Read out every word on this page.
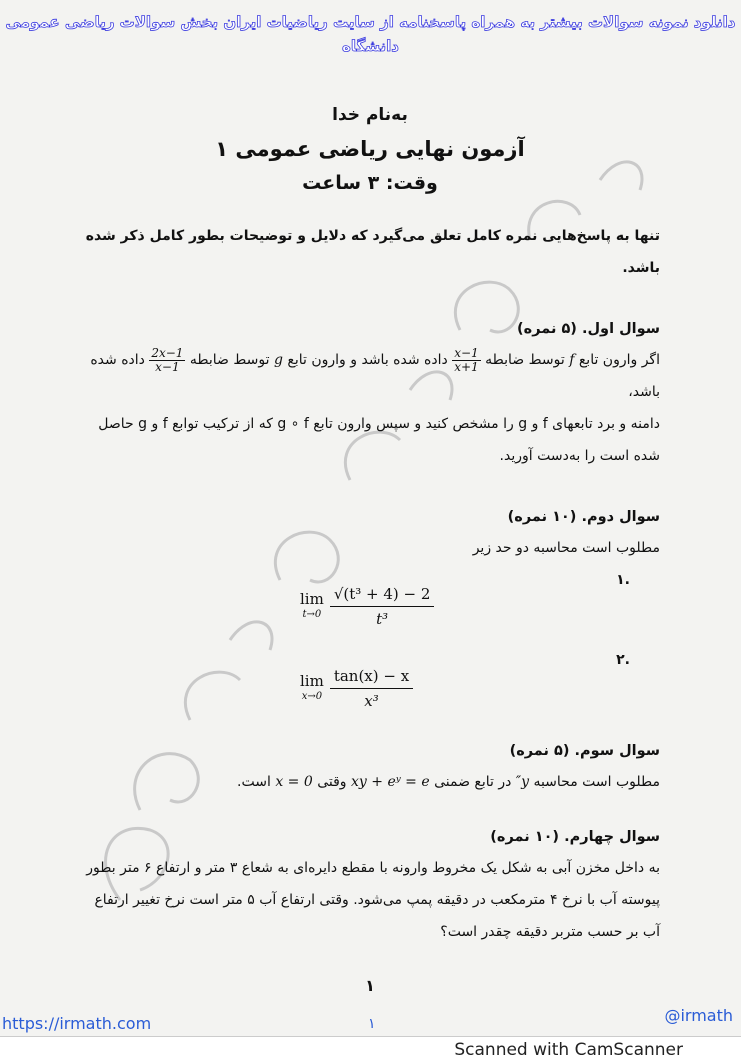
دانلود نمونه سوالات بیشتر به همراه پاسخنامه از سایت ریاضیات ایران بخش سوالات ریاضی عمومی دانشگاه
به‌نام خدا
آزمون نهایی ریاضی عمومی ۱
وقت: ۳ ساعت
تنها به پاسخ‌هایی نمره کامل تعلق می‌گیرد که دلایل و توضیحات بطور کامل ذکر شده باشد.
سوال اول. (۵ نمره)
اگر وارون تابع f توسط ضابطه
$\frac{x-1}{x+1}$
داده شده باشد و وارون تابع g توسط ضابطه
$\frac{2x-1}{x-1}$
داده شده باشد،
دامنه و برد تابعهای f و g را مشخص کنید و سپس وارون تابع g ∘ f که از ترکیب توابع f و g حاصل
شده است را به‌دست آورید.
سوال دوم. (۱۰ نمره)
مطلوب است محاسبه دو حد زیر
.۱
lim
$t\to 0 \frac{\text{√(t³ + 4) − 2}}{\text{t³}}$
.۲
lim
$x\to 0 \frac{\tan(x) - x}{\text{x³}}$
سوال سوم. (۵ نمره)
مطلوب است محاسبه y″ در تابع ضمنی xy + eʸ = e وقتی x = 0 است.
سوال چهارم. (۱۰ نمره)
به داخل مخزن آبی به شکل یک مخروط وارونه با مقطع دایره‌ای به شعاع ۳ متر و ارتفاع ۶ متر بطور
پیوسته آب با نرخ ۴ مترمکعب در دقیقه پمپ می‌شود. وقتی ارتفاع آب ۵ متر است نرخ تغییر ارتفاع
آب بر حسب متربر دقیقه چقدر است؟
۱
https://irmath.com	۱	@irmath
Scanned with CamScanner
